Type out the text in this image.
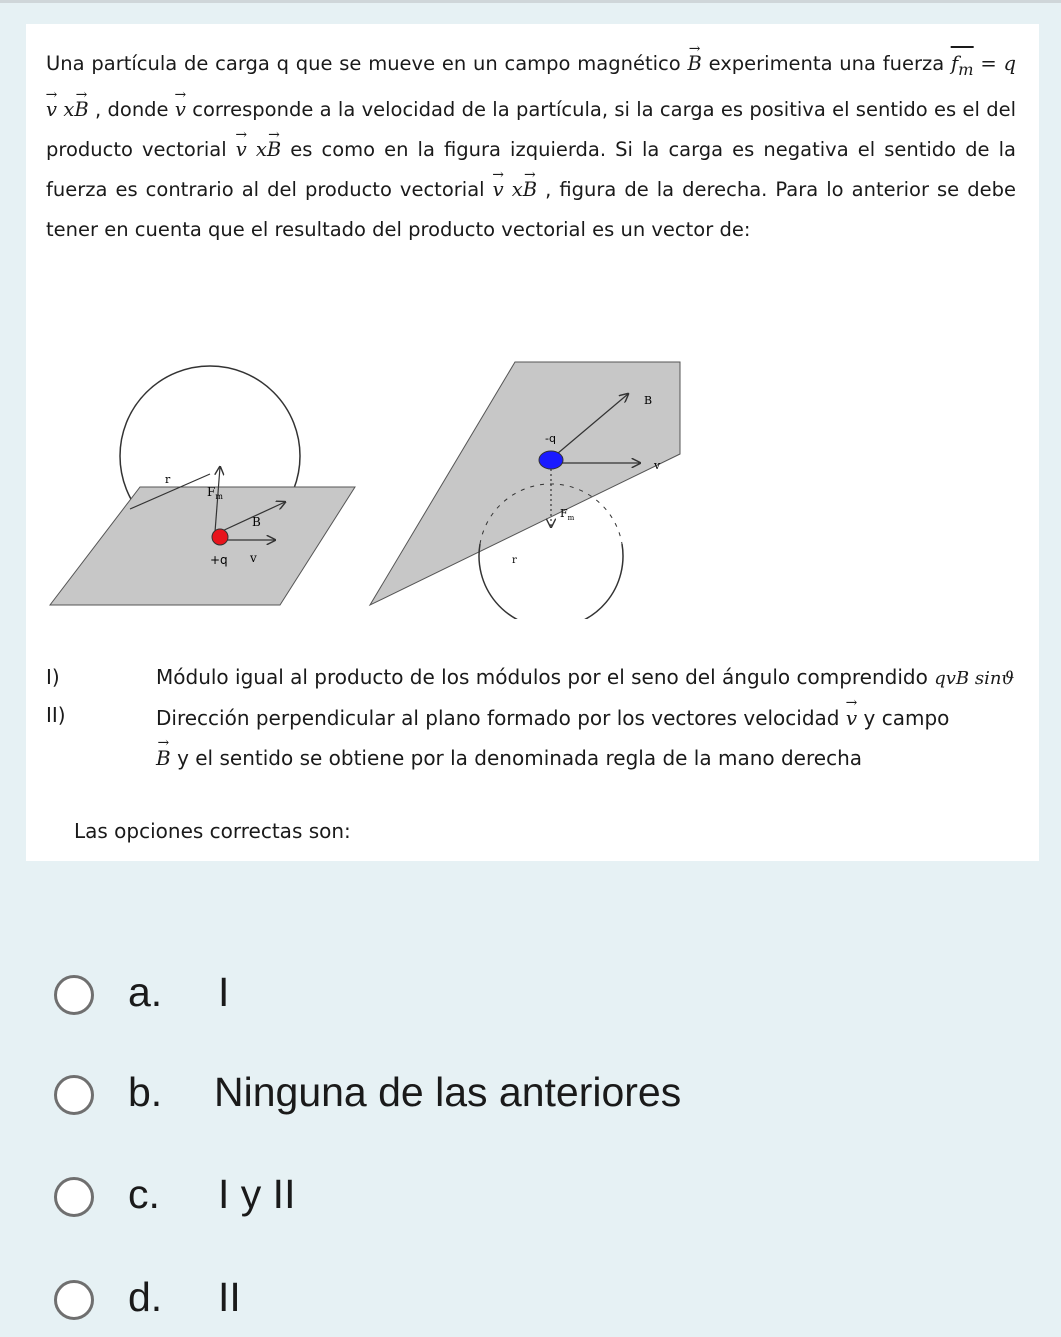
Una partícula de carga q que se mueve en un campo magnético → B experimenta una fuerza $f_m = q\to v$ x→ B , donde → v corresponde a la velocidad de la partícula, si la carga es positiva el sentido es el del producto vectorial → v x→ B es como en la figura izquierda. Si la carga es negativa el sentido de la fuerza es contrario al del producto vectorial → v x→ B , figura de la derecha. Para lo anterior se debe tener en cuenta que el resultado del producto vectorial es un vector de:
r
$F_m$
B
+q v
B
-q
v
$F_m$
r
I)	Módulo igual al producto de los módulos por el seno del ángulo comprendido qvB sinϑ
II)	Dirección perpendicular al plano formado por los vectores velocidad → v y campo
→ B y el sentido se obtiene por la denominada regla de la mano derecha
Las opciones correctas son:
a. I
b. Ninguna de las anteriores
c. I y II
d. II
